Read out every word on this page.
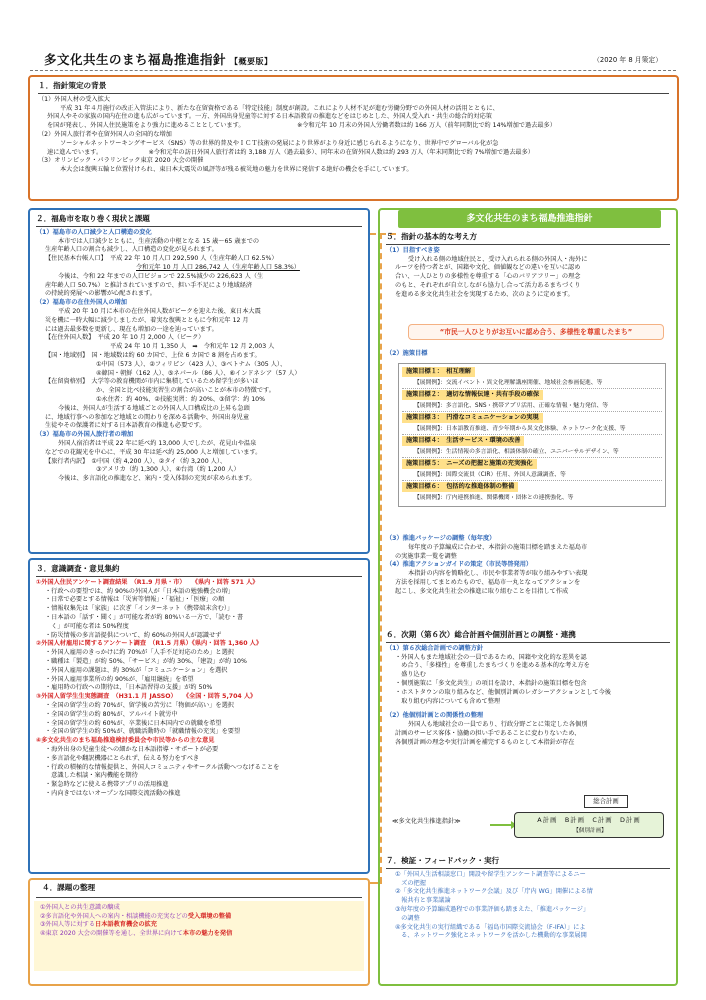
多文化共生のまち福島推進指針 【概要版】	（2020 年 8 月策定）
１．指針策定の背景
（1）外国人材の受入拡大
平成 31 年４月施行の改正入管法により、新たな在留資格である「特定技能」制度が創設。これにより人材不足が進む労働分野での外国人材の活用とともに、
外国人やその家族の国内在住の進も広がっています。一方、外国出身児童等に対する日本語教育の推進などをはじめとした、外国人受入れ・共生の総合的対応策
を国が発表し、外国人住民施策をより強力に進めることとしています。　　　　　　　　　※令和元年 10 月末の外国人労働者数は約 166 万人（前年同期比で約 14%増加で過去最多）
（2）外国人旅行者や在留外国人の全国的な増加
ソーシャルネットワーキングサービス（SNS）等の世界的普及やＩＣＴ技術の発展により世界がより身近に感じられるようになり、世界中でグローバル化が急
速に進んでいます。　　　　　　　　※令和元年の訪日外国人旅行者は約 3,188 万人（過去最多）、同年末の在留外国人数は約 293 万人（年末同期比で約 7%増加で過去最多）
（3）オリンピック・パラリンピック東京 2020 大会の開催
本大会は復興五輪と位置付けられ、東日本大震災の風評等が残る被災地の魅力を世界に発信する絶好の機会を手にしています。
２．福島市を取り巻く現状と課題
（1）福島市の人口減少と人口構造の変化
本市では人口減少とともに、生産活動の中枢となる 15 歳～65 歳までの
生産年齢人口の割合も減少し、人口構造の変化が見られます。
【住民基本台帳人口】　平成 22 年 10 月人口 292,590 人（生産年齢人口 62.5%）
令和元年 10 月 人口 286,742 人（生産年齢人口 58.3%）
今後は、令和 22 年までの人口ビジョンで 22.5%減少の 226,623 人（生
産年齢人口 50.7%）と推計されていますので、担い手不足により地域経済
の持続的発展への影響が心配されます。
（2）福島市の在住外国人の増加
平成 20 年 10 月に本市の在住外国人数がピークを迎えた後、東日本大震
災を機に一時大幅に減少しましたが、着実な復興とともに令和元年 12 月
には過去最多数を更新し、現在も増加の一途を辿っています。
【在住外国人数】　平成 20 年 10 月 2,000 人（ピーク）
平成 24 年 10 月 1,350 人　➡　令和元年 12 月 2,003 人
【国・地域別】　国・地域数は約 60 カ国で、上位 6 カ国で 8 割を占めます。
①中国（573 人）、②フィリピン（423 人）、③ベトナム（305 人）、
④韓国・朝鮮（162 人）、⑤ネパール（86 人）、⑥インドネシア（57 人）
【在留資格別】　大学等の教育機関が市内に集積しているため留学生が多いほ
か、全国と比べ技能実習生の割合が高いことが本市の特徴です。
①永住者：約 40%、②技能実習：約 20%、③留学：約 10%
今後は、外国人が生活する地域ごとの外国人人口構成比の上昇も急頭
に、地域行事への参加など地域との関わりを深める活動や、外国出身児童
生徒やその保護者に対する日本語教育の推進も必要です。
（3）福島市の外国人旅行者の増加
外国人宿泊者は平成 22 年に延べ約 13,000 人でしたが、花見山や温泉
などでの花観光を中心に、平成 30 年は延べ約 25,000 人と増加しています。
【旅行者内訳】　①中国（約 4,200 人）、②タイ（約 3,200 人）、
③アメリカ（約 1,300 人）、④台湾（約 1,200 人）
今後は、多言語化の推進など、案内・受入体制の充実が求められます。
３．意識調査・意見集約
①外国人住民アンケート調査結果　（R1.9 月県・市）　　《県内・回答 571 人》
・行政への要望では、約 90%の外国人が「日本語の勉強機会の増」
・日常で必要とする情報は「災害等情報」・「福祉」・「医療」の順
・情報収集先は「家族」に次ぎ「インターネット（携帯端末含む）」
・日本語の「話す・聞く」が可能な者が約 80%いる一方で、「読む・書
　く」が可能な者は 50%程度
・防災情報の多言語提供について、約 60%の外国人が認識せず
②外国人材雇用に関するアンケート調査　（R1.5 月県）《県内・回答 1,360 人》
・外国人雇用のきっかけに約 70%が「人手不足対応のため」と選択
・職種は「製造」が約 50%、「サービス」が約 30%、「建設」が約 10%
・外国人雇用の課題は、約 30%が「コミュニケーション」を選択
・外国人雇用事業所の約 90%が、「雇用継続」を希望
・雇用時の行政への期待は、「日本語習得の支援」が約 50%
③外国人留学生生実態調査　（H31.1 月 JASSO）　　《全国・回答 5,704 人》
・全国の留学生の約 70%が、留学後の苦労に「物価が高い」を選択
・全国の留学生の約 80%が、アルバイト就労中
・全国の留学生の約 60%が、卒業後に日本国内での就職を希望
・全国の留学生の約 50%が、就職活動時の「就職情報の充実」を要望
④多文化共生のまち福島推進検討委員会や市民等からの主な意見
・海外出身の児童生徒への細かな日本語指導・サポートが必要
・多言語化や翻訳機器にとられず、伝える努力をすべき
・行政の積極的な情報提供と、外国人コミュニティやサークル活動へつなげることを
　意識した相談・案内機能を期待
・緊急時などに使える携帯アプリの活用推進
・内向きではないオープンな国際交流活動の推進
４．課題の整理
①外国人との共生意識の醸成
②多言語化や外国人への案内・相談機能の充実などの受入環境の整備
③外国人等に対する日本語教育機会の拡充
④東京 2020 大会の開催等を通し、全世界に向けて本市の魅力を発信
多文化共生のまち福島推進指針
５．指針の基本的な考え方
（1）目指すべき姿
受け入れる側の地域住民と、受け入れられる側の外国人・海外に
ルーツを持つ者とが、国籍や文化、価値観などの違いを互いに認め
合い、一人ひとりの多様性を尊重する「心のバリアフリー」の理念
のもと、それぞれが自立しながら協力し合って活力あるまちづくり
を進める多文化共生社会を実現するため、次のように定めます。
“市民一人ひとりがお互いに認め合う、多様性を尊重したまち”
（2）施策目標
施策目標１：　相互理解
【展開例】：交流イベント・異文化理解講座開催、地域社会参画促進、等
施策目標２：　適切な情報伝達・共有手段の確保
【展開例】：多言語化、SNS・携帯アプリ活用、正確な情報・魅力発信、等
施策目標３：　円滑なコミュニケーションの実現
【展開例】：日本語教育推進、青少年期から異文化体験、ネットワーク化支援、等
施策目標４：　生活サービス・環境の改善
【展開例】：生活情報の多言語化、相談体制の確立、ユニバーサルデザイン、等
施策目標５：　ニーズの把握と施策の充実強化
【展開例】：国際交流員（CIR）任用、外国人意識調査、等
施策目標６：　包括的な推進体制の整備
【展開例】：庁内連携推進、関係機関・団体との連携強化、等
（3）推進パッケージの調整（毎年度）
毎年度の予算編成に合わせ、本指針の施策目標を踏まえた福島市
の実施事業一覧を調整
（4）推進アクションガイドの策定（市民等啓発用）
本指針の内容を簡略化し、市民や事業者等が取り組みやすい表現
方法を採用してまとめたもので、福島市一丸となってアクションを
起こし、多文化共生社会の推進に取り組むことを目指して作成
６．次期（第６次）総合計画や個別計画との調整・連携
（1）第６次総合計画での調整方針
・外国人もまた地域社会の一員であるため、国籍や文化的な差異を認
　め合う、「多様性」を尊重したまちづくりを進める基本的な考え方を
　盛り込む
・個別施策に「多文化共生」の項目を設け、本指針の施策目標を包含
・ホストタウンの取り組みなど、他個別計画のレガシーアクションとして今後
　取り組む内容についても含めて整理
（2）他個別計画との関係性の整理
外国人も地域社会の一員であり、行政分野ごとに策定した各個別
計画のサービス客体・協働の担い手であることに変わりないため、
各個別計画の理念や実行計画を補完するものとして本指針が存在
≪多文化共生推進指針≫
総合計画
A計画　B計画　C計画　D計画
【個別計画】
７．検証・フィードバック・実行
①「外国人生活相談窓口」開設や留学生アンケート調査等によるニー
　ズの把握
②「多文化共生推進ネットワーク会議」及び「庁内 WG」開催による情
　報共有と事業議論
③毎年度の予算編成過程での事業評価も踏まえた、「推進パッケージ」
　の調整
④多文化共生の実行組織である「福島市国際交流協会（F-IFA）」によ
　る、ネットワーク強化とネットワークを活かした機動的な事業展開
